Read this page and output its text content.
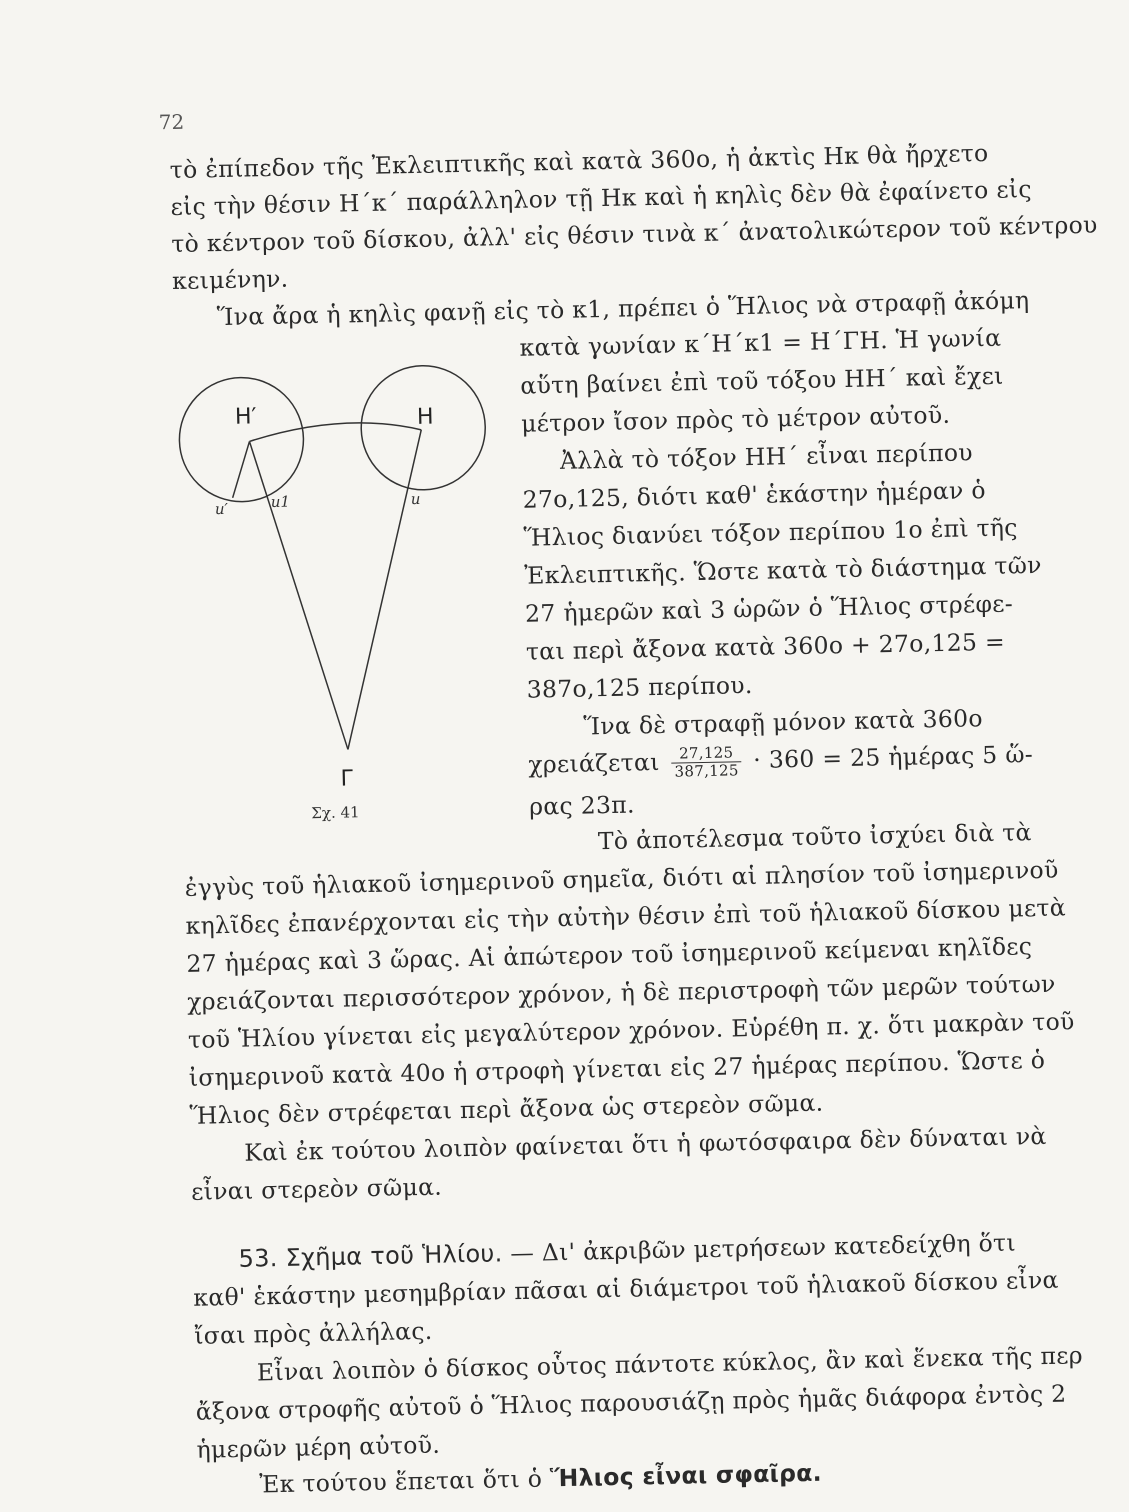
72
τὸ ἐπίπεδον τῆς Ἐκλειπτικῆς καὶ κατὰ 360ο, ἡ ἀκτὶς Ηκ θὰ ἤρχετο
εἰς τὴν θέσιν Η΄κ΄ παράλληλον τῇ Ηκ καὶ ἡ κηλὶς δὲν θὰ ἐφαίνετο εἰς
τὸ κέντρον τοῦ δίσκου, ἀλλ' εἰς θέσιν τινὰ κ΄ ἀνατολικώτερον τοῦ κέντρου
κειμένην.
Ἵνα ἄρα ἡ κηλὶς φανῇ εἰς τὸ κ1, πρέπει ὁ Ἥλιος νὰ στραφῇ ἀκόμη
Η′	Η
u′	u1	u
Γ
Σχ. 41
κατὰ γωνίαν κ΄Η΄κ1 = Η΄ΓΗ. Ἡ γωνία
αὕτη βαίνει ἐπὶ τοῦ τόξου ΗΗ΄ καὶ ἔχει
μέτρον ἴσον πρὸς τὸ μέτρον αὐτοῦ.
Ἀλλὰ τὸ τόξον ΗΗ΄ εἶναι περίπου
27ο,125, διότι καθ' ἑκάστην ἡμέραν ὁ
Ἥλιος διανύει τόξον περίπου 1ο ἐπὶ τῆς
Ἐκλειπτικῆς. Ὥστε κατὰ τὸ διάστημα τῶν
27 ἡμερῶν καὶ 3 ὡρῶν ὁ Ἥλιος στρέφε-
ται περὶ ἄξονα κατὰ 360ο + 27ο,125 =
387ο,125 περίπου.
Ἵνα δὲ στραφῇ μόνον κατὰ 360ο
χρειάζεται $\frac{27,125}{387,125} \cdot 360 = 25$ ἡμέρας 5 ὥ-
ρας 23π.
Τὸ ἀποτέλεσμα τοῦτο ἰσχύει διὰ τὰ
ἐγγὺς τοῦ ἡλιακοῦ ἰσημερινοῦ σημεῖα, διότι αἱ πλησίον τοῦ ἰσημερινοῦ
κηλῖδες ἐπανέρχονται εἰς τὴν αὐτὴν θέσιν ἐπὶ τοῦ ἡλιακοῦ δίσκου μετὰ
27 ἡμέρας καὶ 3 ὥρας. Αἱ ἀπώτερον τοῦ ἰσημερινοῦ κείμεναι κηλῖδες
χρειάζονται περισσότερον χρόνον, ἡ δὲ περιστροφὴ τῶν μερῶν τούτων
τοῦ Ἡλίου γίνεται εἰς μεγαλύτερον χρόνον. Εὑρέθη π. χ. ὅτι μακρὰν τοῦ
ἰσημερινοῦ κατὰ 40ο ἡ στροφὴ γίνεται εἰς 27 ἡμέρας περίπου. Ὥστε ὁ
Ἥλιος δὲν στρέφεται περὶ ἄξονα ὡς στερεὸν σῶμα.
Καὶ ἐκ τούτου λοιπὸν φαίνεται ὅτι ἡ φωτόσφαιρα δὲν δύναται νὰ
εἶναι στερεὸν σῶμα.
53. Σχῆμα τοῦ Ἡλίου. — Δι' ἀκριβῶν μετρήσεων κατεδείχθη ὅτι
καθ' ἑκάστην μεσημβρίαν πᾶσαι αἱ διάμετροι τοῦ ἡλιακοῦ δίσκου εἶνα
ἴσαι πρὸς ἀλλήλας.
Εἶναι λοιπὸν ὁ δίσκος οὗτος πάντοτε κύκλος, ἂν καὶ ἕνεκα τῆς περ
ἄξονα στροφῆς αὐτοῦ ὁ Ἥλιος παρουσιάζῃ πρὸς ἡμᾶς διάφορα ἐντὸς 2
ἡμερῶν μέρη αὐτοῦ.
Ἐκ τούτου ἕπεται ὅτι ὁ Ἥλιος εἶναι σφαῖρα.
